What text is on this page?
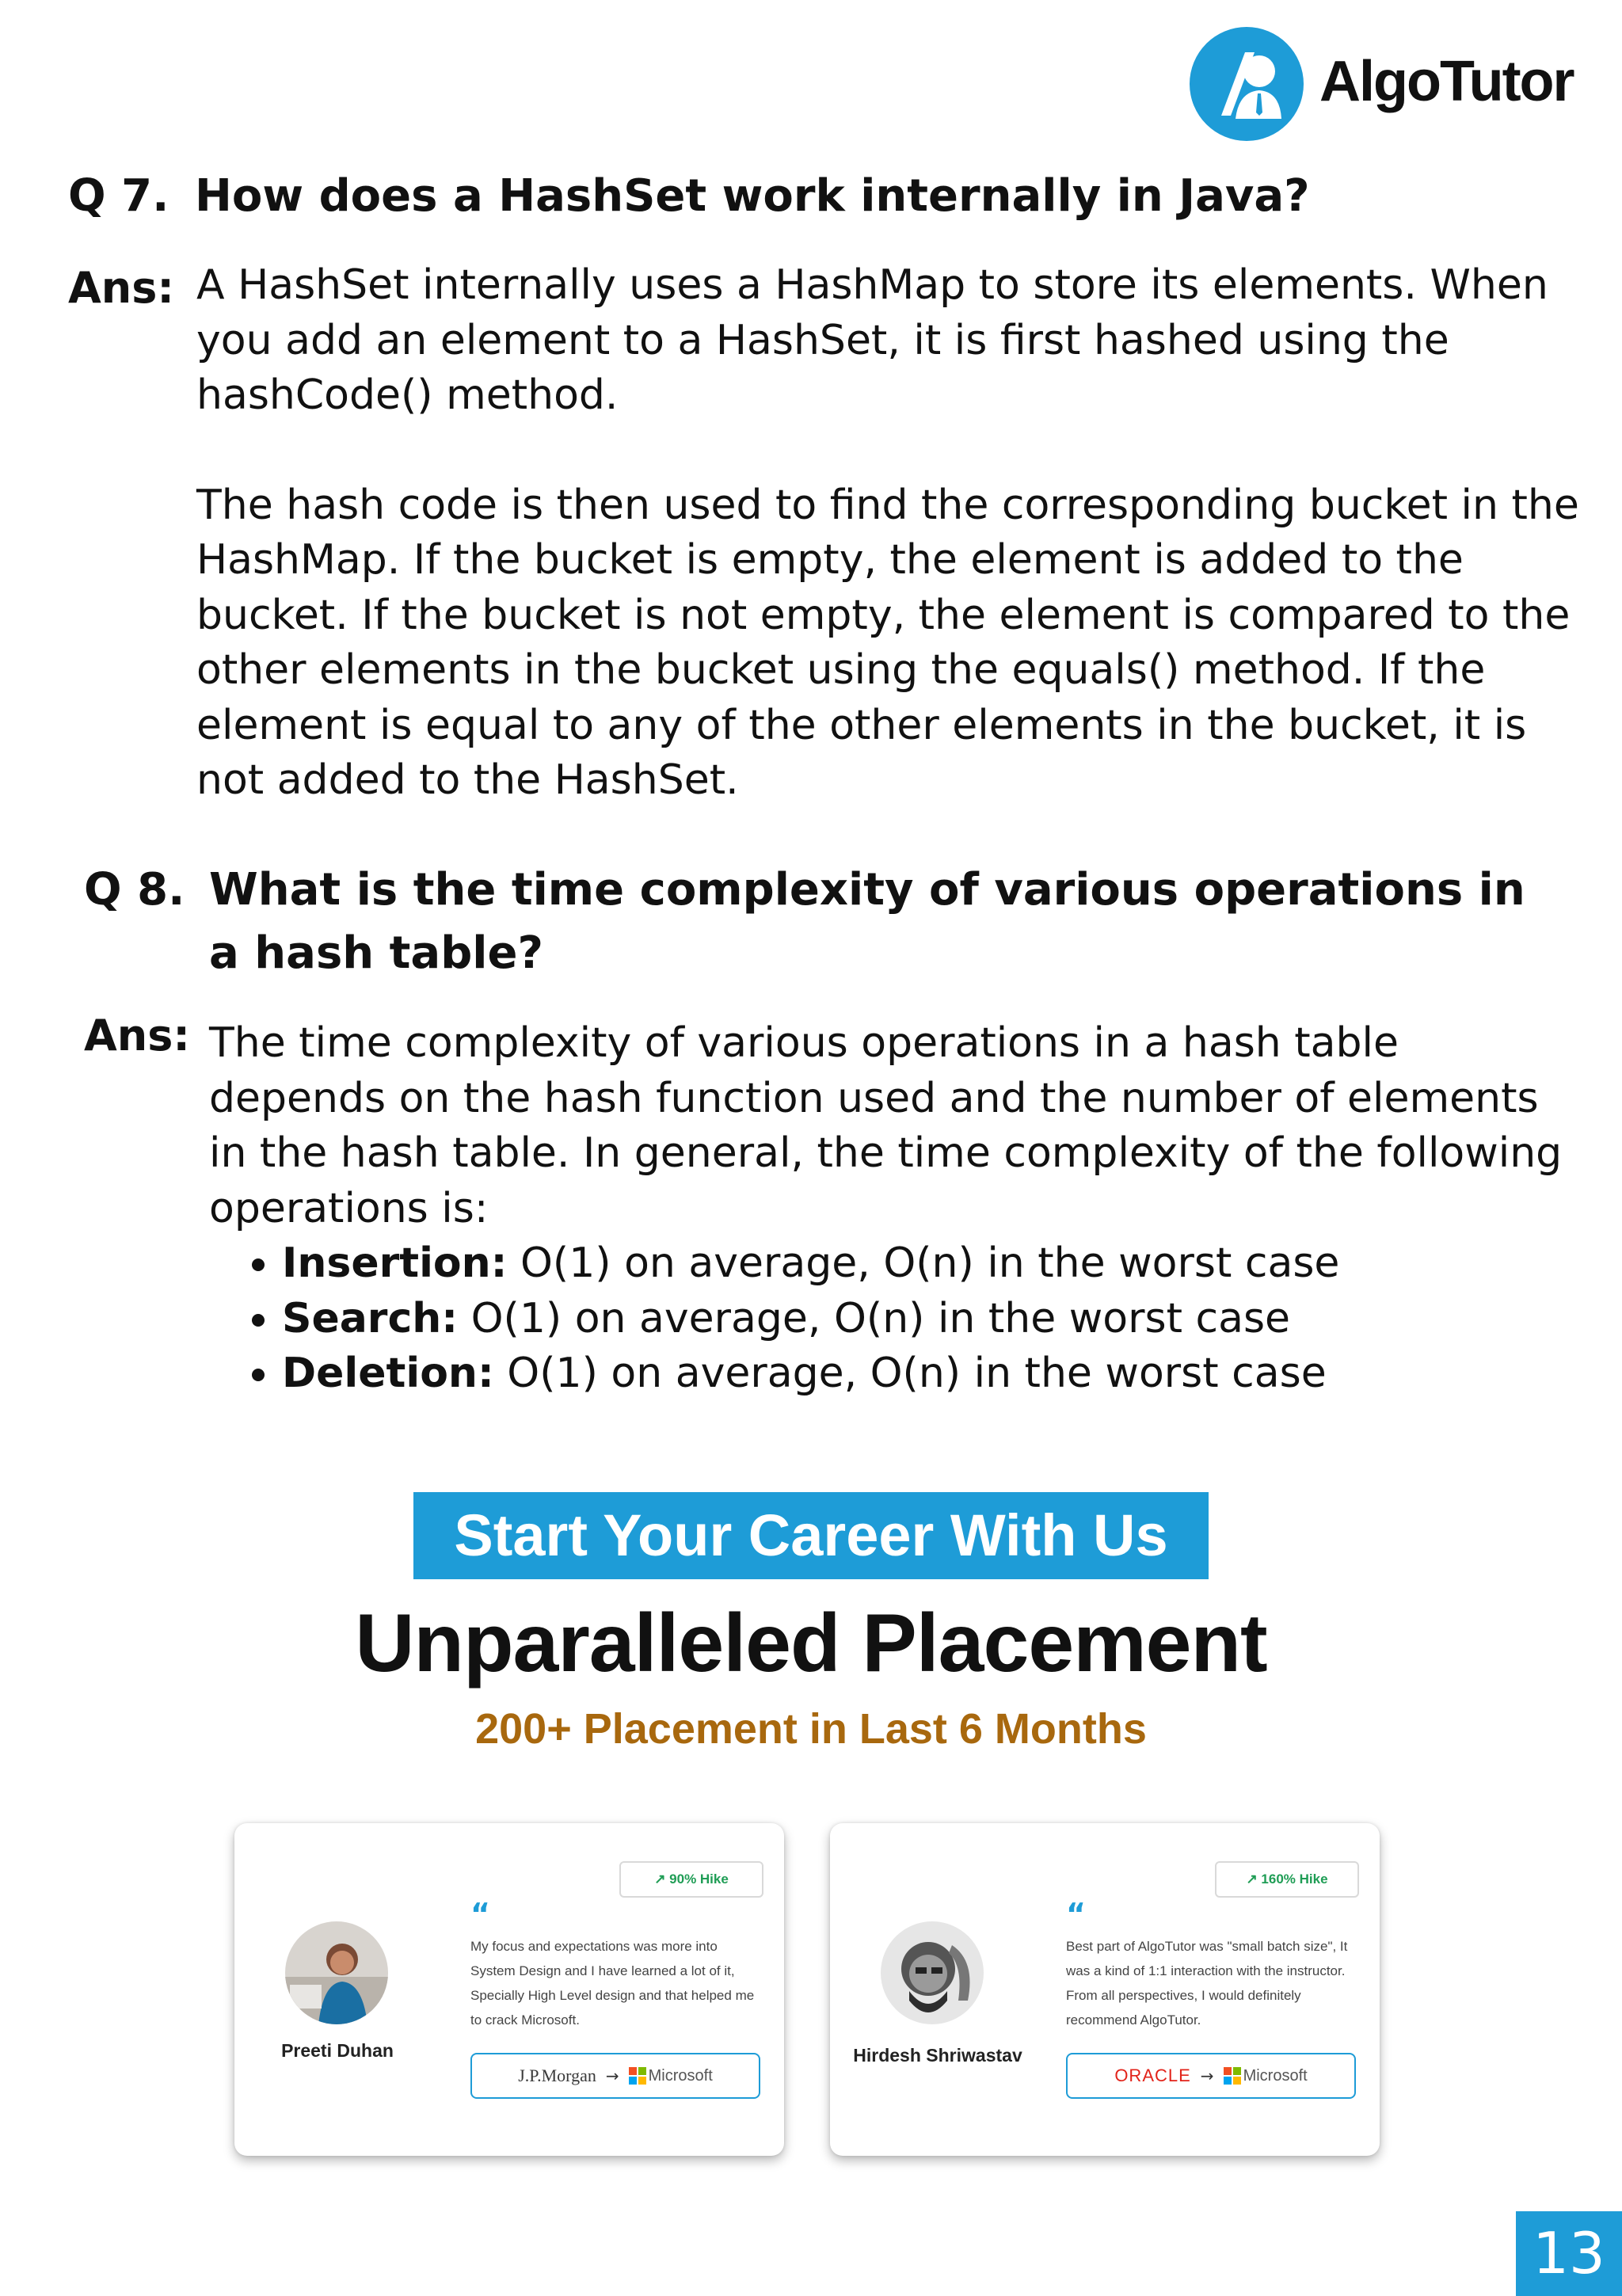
AlgoTutor
Q 7. How does a HashSet work internally in Java?
Ans: A HashSet internally uses a HashMap to store its elements. When you add an element to a HashSet, it is first hashed using the hashCode() method.

The hash code is then used to find the corresponding bucket in the HashMap. If the bucket is empty, the element is added to the bucket. If the bucket is not empty, the element is compared to the other elements in the bucket using the equals() method. If the element is equal to any of the other elements in the bucket, it is not added to the HashSet.

Q 8. What is the time complexity of various operations in a hash table?
Ans: The time complexity of various operations in a hash table depends on the hash function used and the number of elements in the hash table. In general, the time complexity of the following operations is:
• Insertion: O(1) on average, O(n) in the worst case
• Search: O(1) on average, O(n) in the worst case
• Deletion: O(1) on average, O(n) in the worst case
Start Your Career With Us
Unparalleled Placement
200+ Placement in Last 6 Months
Preeti Duhan
↗ 90% Hike
“
My focus and expectations was more into System Design and I have learned a lot of it, Specially High Level design and that helped me to crack Microsoft.
J.P.Morgan → Microsoft
Hirdesh Shriwastav
↗ 160% Hike
“
Best part of AlgoTutor was "small batch size", It was a kind of 1:1 interaction with the instructor. From all perspectives, I would definitely recommend AlgoTutor.
ORACLE → Microsoft
13
